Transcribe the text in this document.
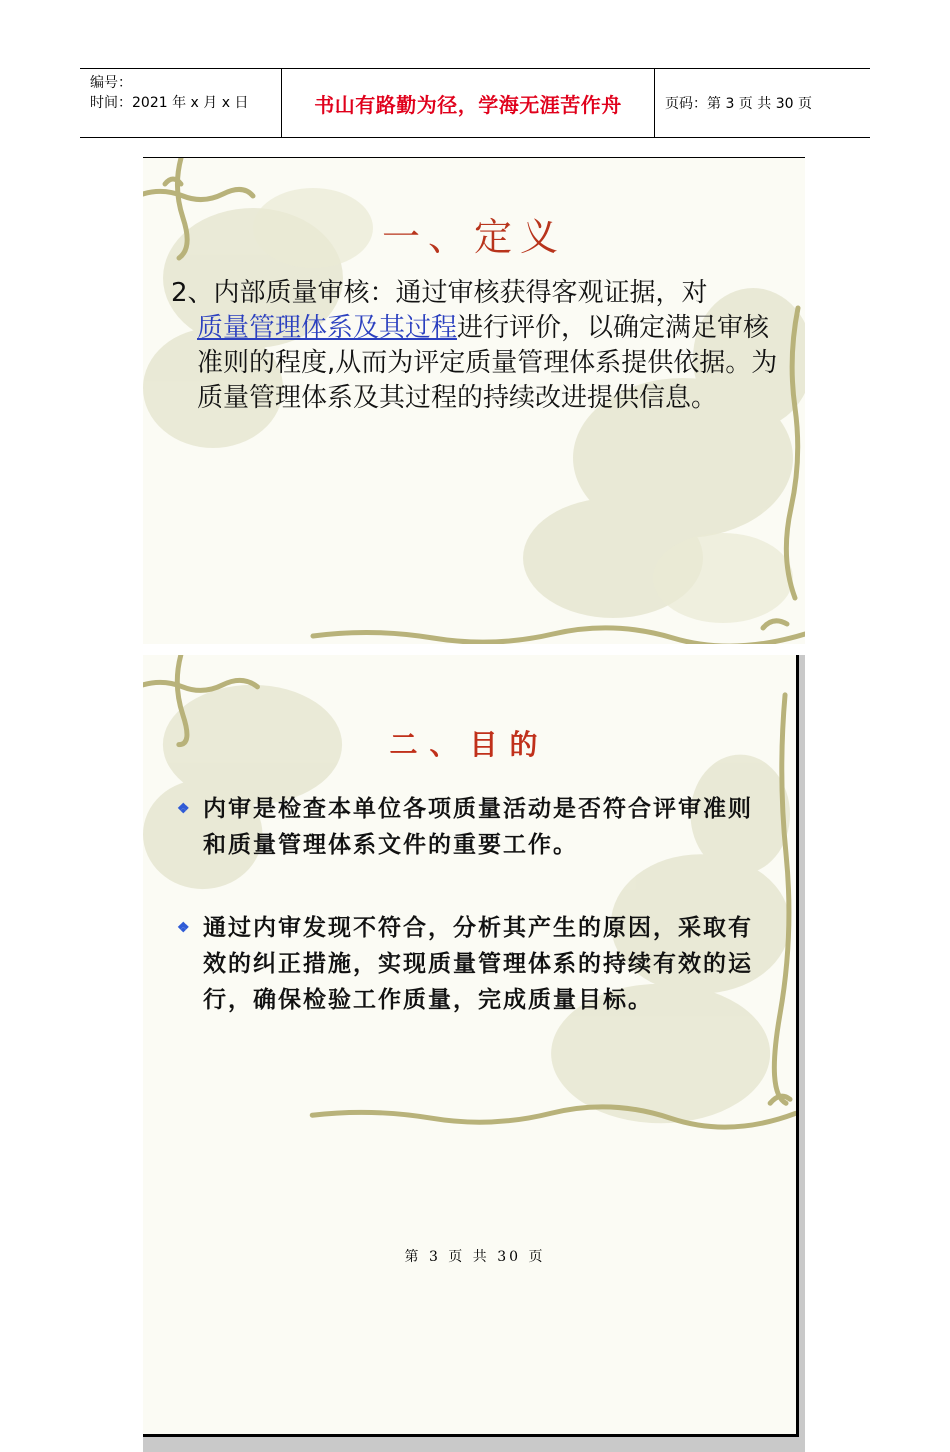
编号：
时间：2021 年 x 月 x 日	书山有路勤为径，学海无涯苦作舟	页码：第 3 页 共 30 页
一、定义
2、内部质量审核：通过审核获得客观证据，对

质量管理体系及其过程进行评价，以确定满足审核准则的程度,从而为评定质量管理体系提供依据。为质量管理体系及其过程的持续改进提供信息。
二、目的
❖ 内审是检查本单位各项质量活动是否符合评审准则和质量管理体系文件的重要工作。
❖ 通过内审发现不符合，分析其产生的原因，采取有效的纠正措施，实现质量管理体系的持续有效的运行，确保检验工作质量，完成质量目标。
第 3 页 共 30 页
